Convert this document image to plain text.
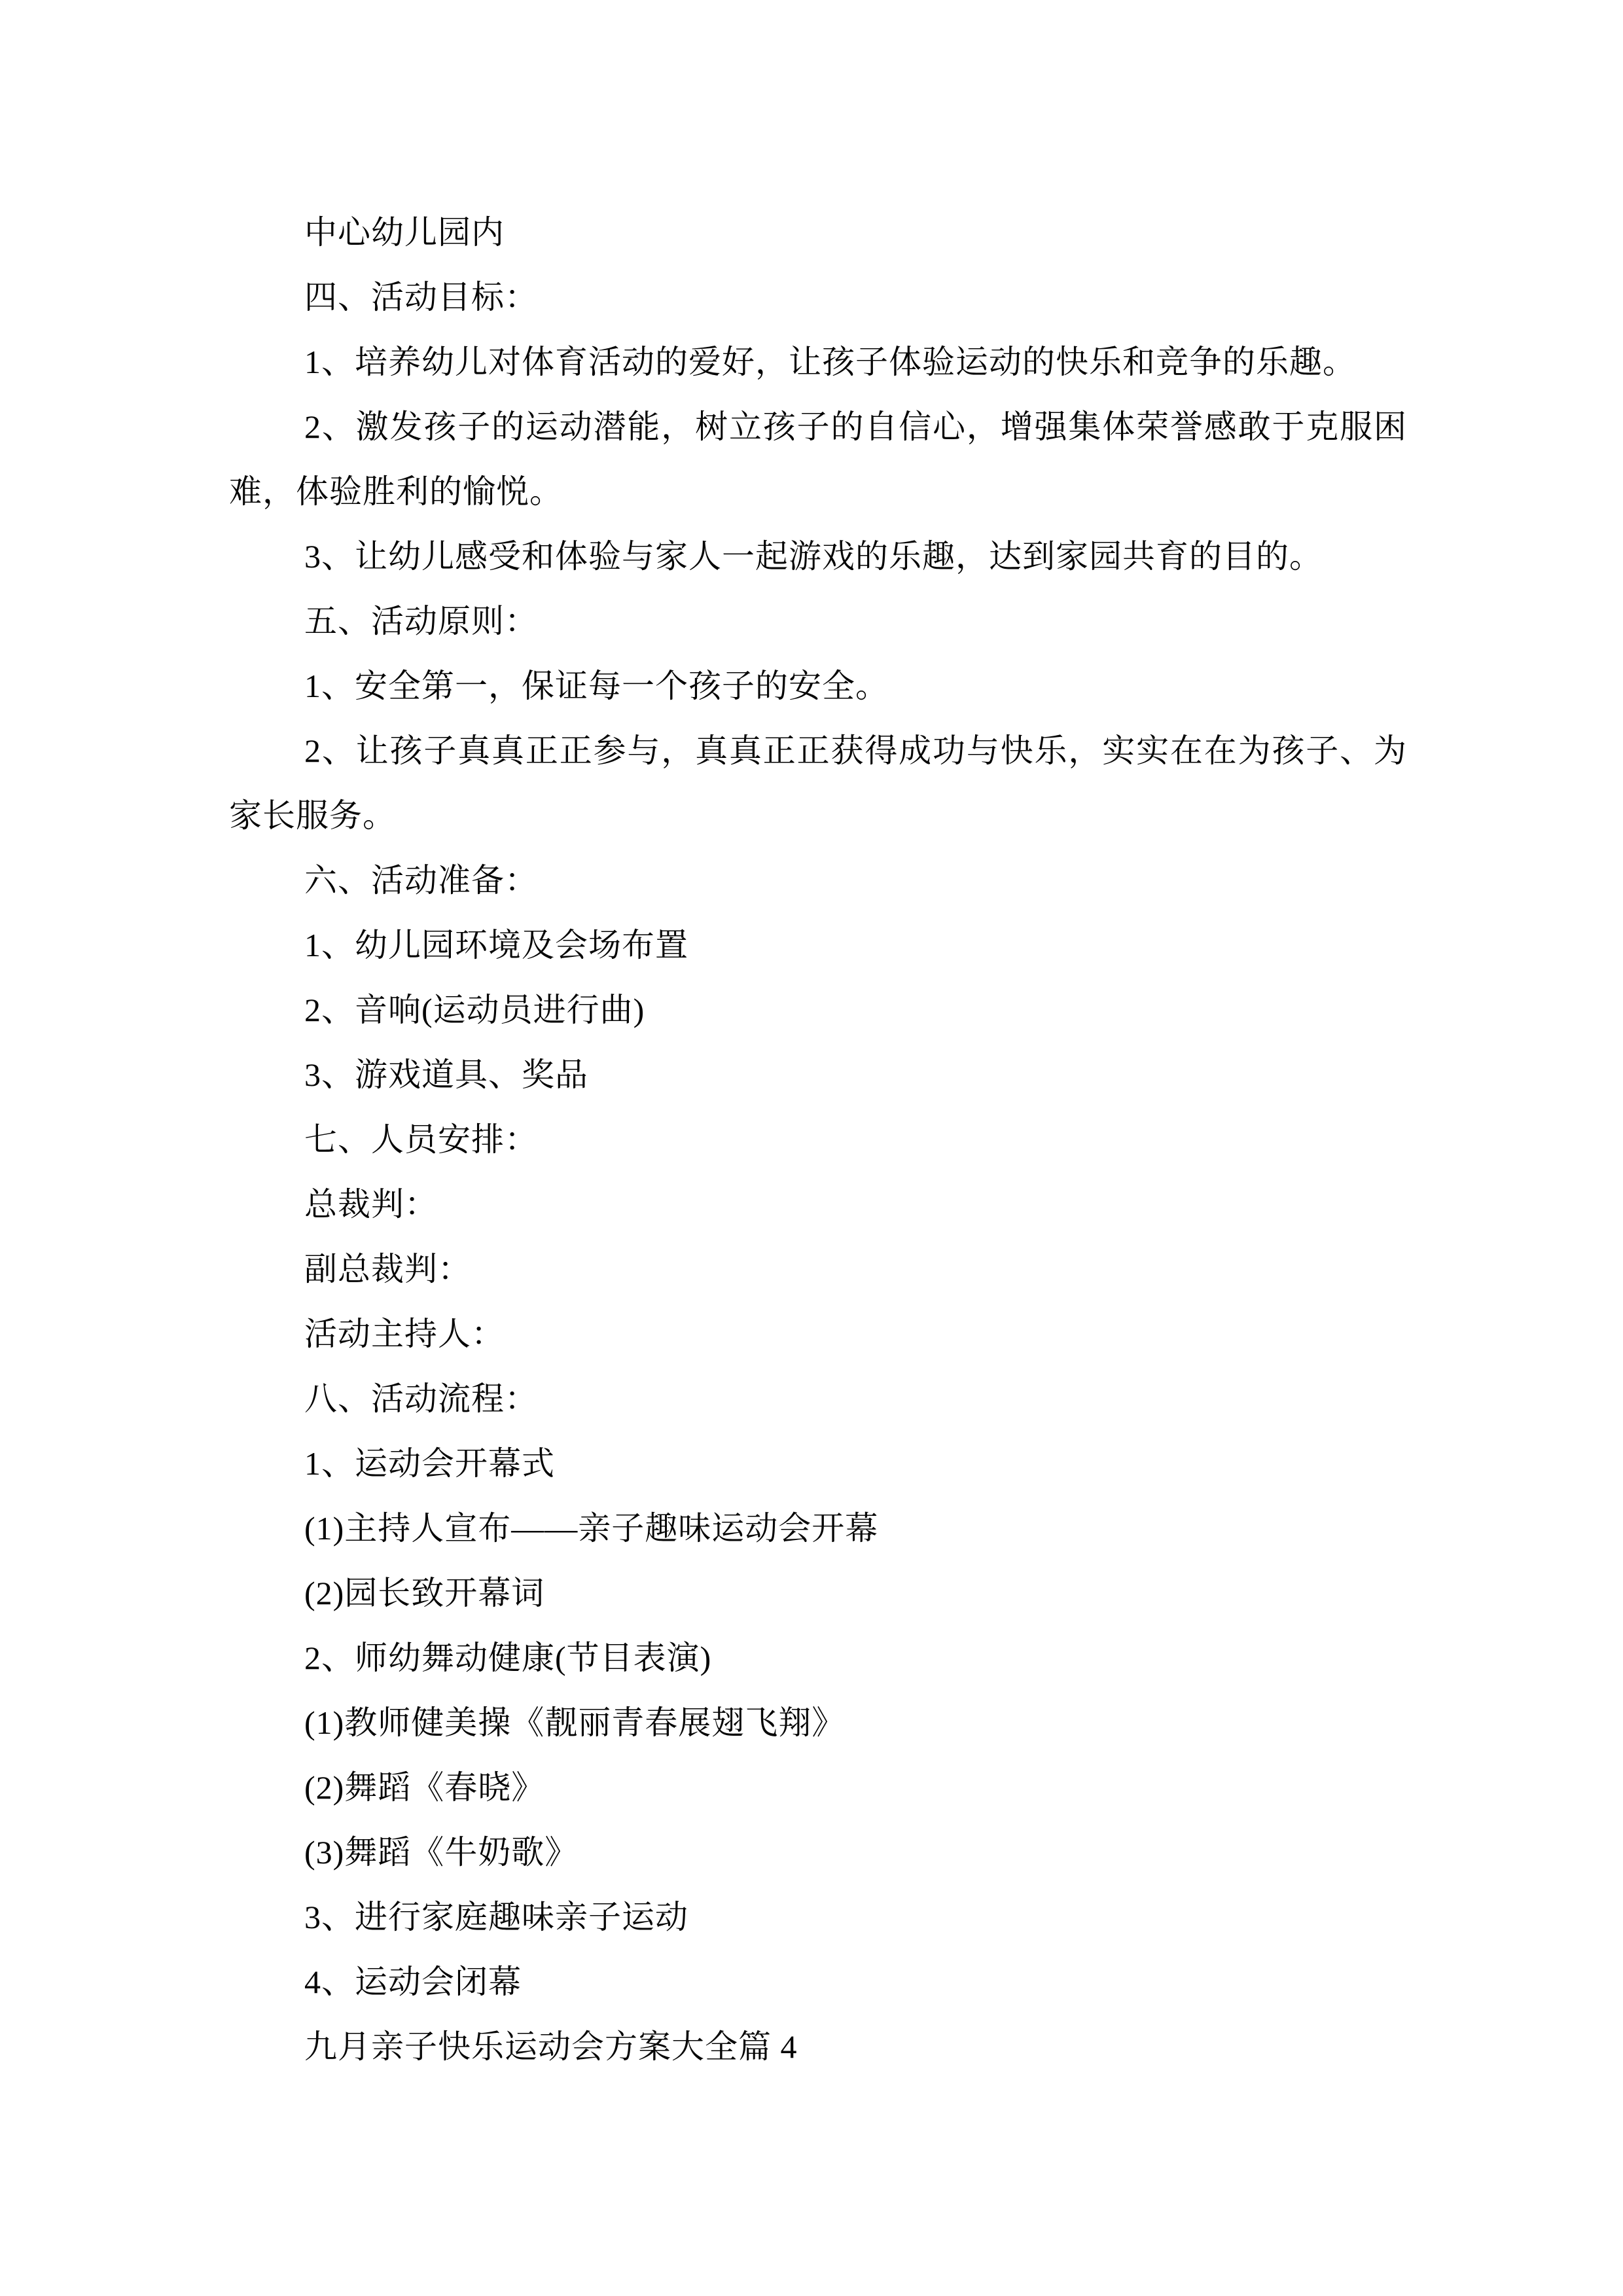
中心幼儿园内
四、活动目标：
1、培养幼儿对体育活动的爱好，让孩子体验运动的快乐和竞争的乐趣。
2、激发孩子的运动潜能，树立孩子的自信心，增强集体荣誉感敢于克服困
难，体验胜利的愉悦。
3、让幼儿感受和体验与家人一起游戏的乐趣，达到家园共育的目的。
五、活动原则：
1、安全第一，保证每一个孩子的安全。
2、让孩子真真正正参与，真真正正获得成功与快乐，实实在在为孩子、为
家长服务。
六、活动准备：
1、幼儿园环境及会场布置
2、音响(运动员进行曲)
3、游戏道具、奖品
七、人员安排：
总裁判：
副总裁判：
活动主持人：
八、活动流程：
1、运动会开幕式
(1)主持人宣布——亲子趣味运动会开幕
(2)园长致开幕词
2、师幼舞动健康(节目表演)
(1)教师健美操《靓丽青春展翅飞翔》
(2)舞蹈《春晓》
(3)舞蹈《牛奶歌》
3、进行家庭趣味亲子运动
4、运动会闭幕
九月亲子快乐运动会方案大全篇 4
